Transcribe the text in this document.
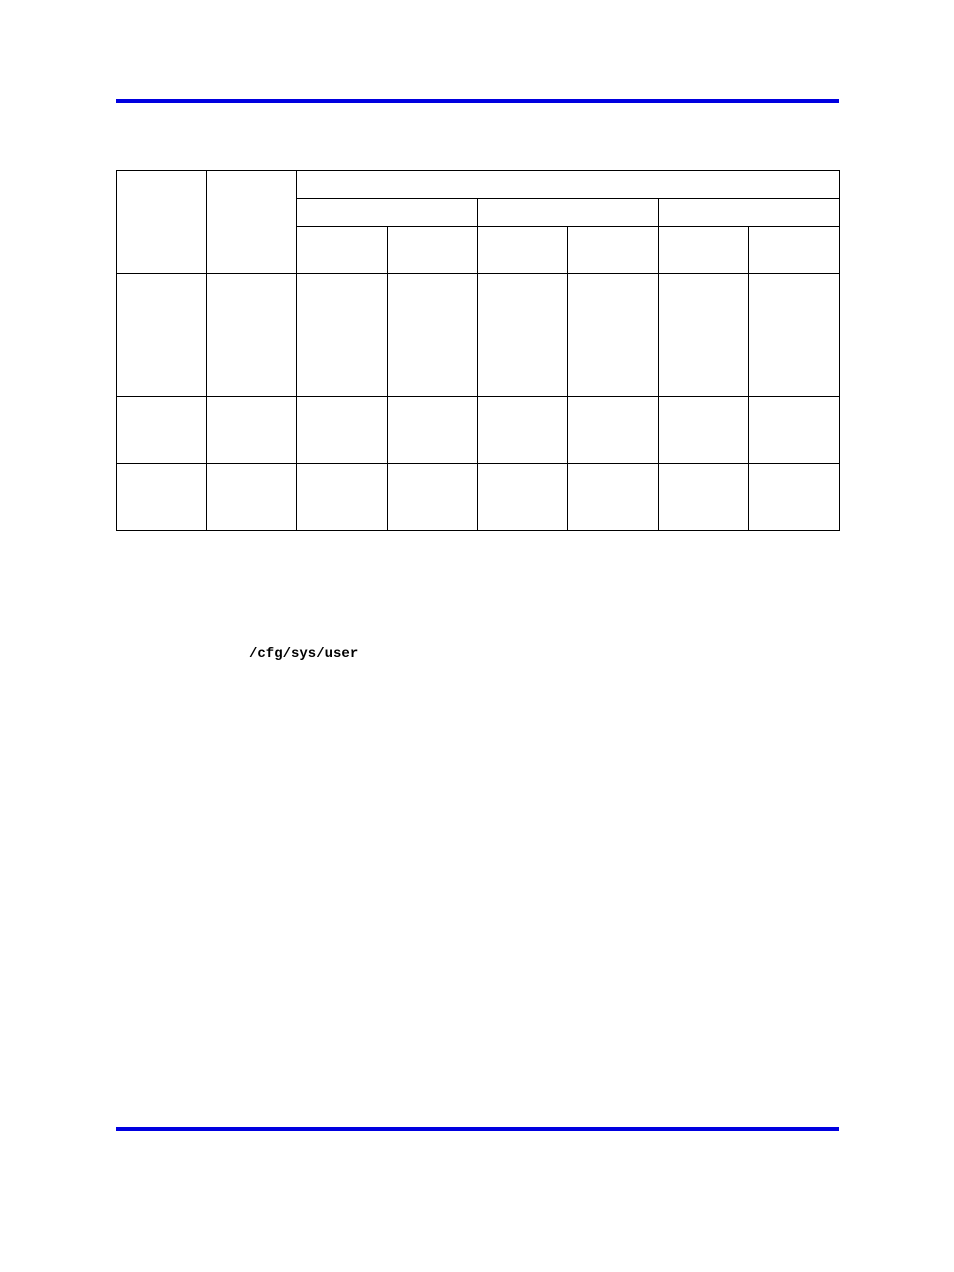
/cfg/sys/user
